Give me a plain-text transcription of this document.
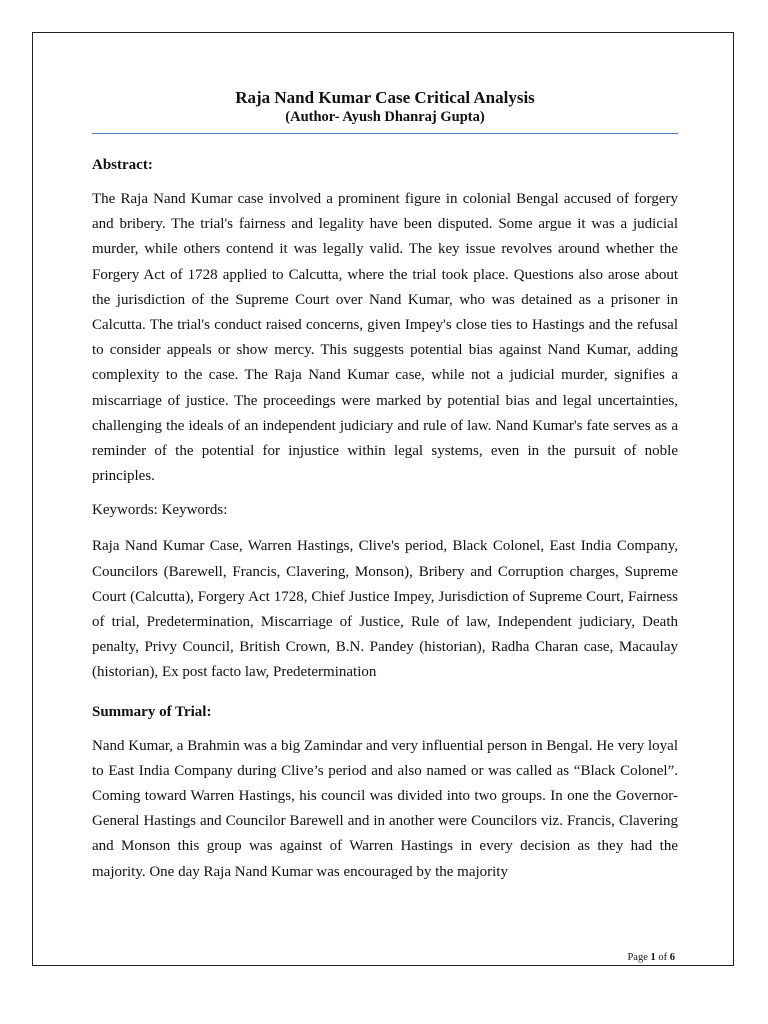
Raja Nand Kumar Case Critical Analysis
(Author- Ayush Dhanraj Gupta)
Abstract:

The Raja Nand Kumar case involved a prominent figure in colonial Bengal accused of forgery and bribery. The trial's fairness and legality have been disputed. Some argue it was a judicial murder, while others contend it was legally valid. The key issue revolves around whether the Forgery Act of 1728 applied to Calcutta, where the trial took place. Questions also arose about the jurisdiction of the Supreme Court over Nand Kumar, who was detained as a prisoner in Calcutta. The trial's conduct raised concerns, given Impey's close ties to Hastings and the refusal to consider appeals or show mercy. This suggests potential bias against Nand Kumar, adding complexity to the case. The Raja Nand Kumar case, while not a judicial murder, signifies a miscarriage of justice. The proceedings were marked by potential bias and legal uncertainties, challenging the ideals of an independent judiciary and rule of law. Nand Kumar's fate serves as a reminder of the potential for injustice within legal systems, even in the pursuit of noble principles.

Keywords: Keywords:

Raja Nand Kumar Case, Warren Hastings, Clive's period, Black Colonel, East India Company, Councilors (Barewell, Francis, Clavering, Monson), Bribery and Corruption charges, Supreme Court (Calcutta), Forgery Act 1728, Chief Justice Impey, Jurisdiction of Supreme Court, Fairness of trial, Predetermination, Miscarriage of Justice, Rule of law, Independent judiciary, Death penalty, Privy Council, British Crown, B.N. Pandey (historian), Radha Charan case, Macaulay (historian), Ex post facto law, Predetermination

Summary of Trial:

Nand Kumar, a Brahmin was a big Zamindar and very influential person in Bengal. He very loyal to East India Company during Clive’s period and also named or was called as “Black Colonel”. Coming toward Warren Hastings, his council was divided into two groups. In one the Governor-General Hastings and Councilor Barewell and in another were Councilors viz. Francis, Clavering and Monson this group was against of Warren Hastings in every decision as they had the majority. One day Raja Nand Kumar was encouraged by the majority

Page 1 of 6
